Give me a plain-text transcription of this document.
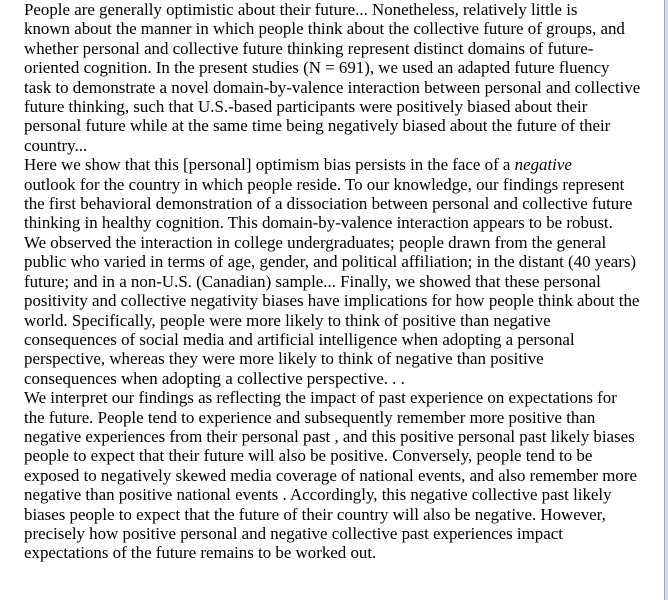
People are generally optimistic about their future... Nonetheless, relatively little is
known about the manner in which people think about the collective future of groups, and
whether personal and collective future thinking represent distinct domains of future-
oriented cognition. In the present studies (N = 691), we used an adapted future fluency
task to demonstrate a novel domain-by-valence interaction between personal and collective
future thinking, such that U.S.-based participants were positively biased about their
personal future while at the same time being negatively biased about the future of their
country...

Here we show that this [personal] optimism bias persists in the face of a negative
outlook for the country in which people reside. To our knowledge, our findings represent
the first behavioral demonstration of a dissociation between personal and collective future
thinking in healthy cognition. This domain-by-valence interaction appears to be robust.
We observed the interaction in college undergraduates; people drawn from the general
public who varied in terms of age, gender, and political affiliation; in the distant (40 years)
future; and in a non-U.S. (Canadian) sample... Finally, we showed that these personal
positivity and collective negativity biases have implications for how people think about the
world. Specifically, people were more likely to think of positive than negative
consequences of social media and artificial intelligence when adopting a personal
perspective, whereas they were more likely to think of negative than positive
consequences when adopting a collective perspective. . .

We interpret our findings as reflecting the impact of past experience on expectations for
the future. People tend to experience and subsequently remember more positive than
negative experiences from their personal past , and this positive personal past likely biases
people to expect that their future will also be positive. Conversely, people tend to be
exposed to negatively skewed media coverage of national events, and also remember more
negative than positive national events . Accordingly, this negative collective past likely
biases people to expect that the future of their country will also be negative. However,
precisely how positive personal and negative collective past experiences impact
expectations of the future remains to be worked out.
